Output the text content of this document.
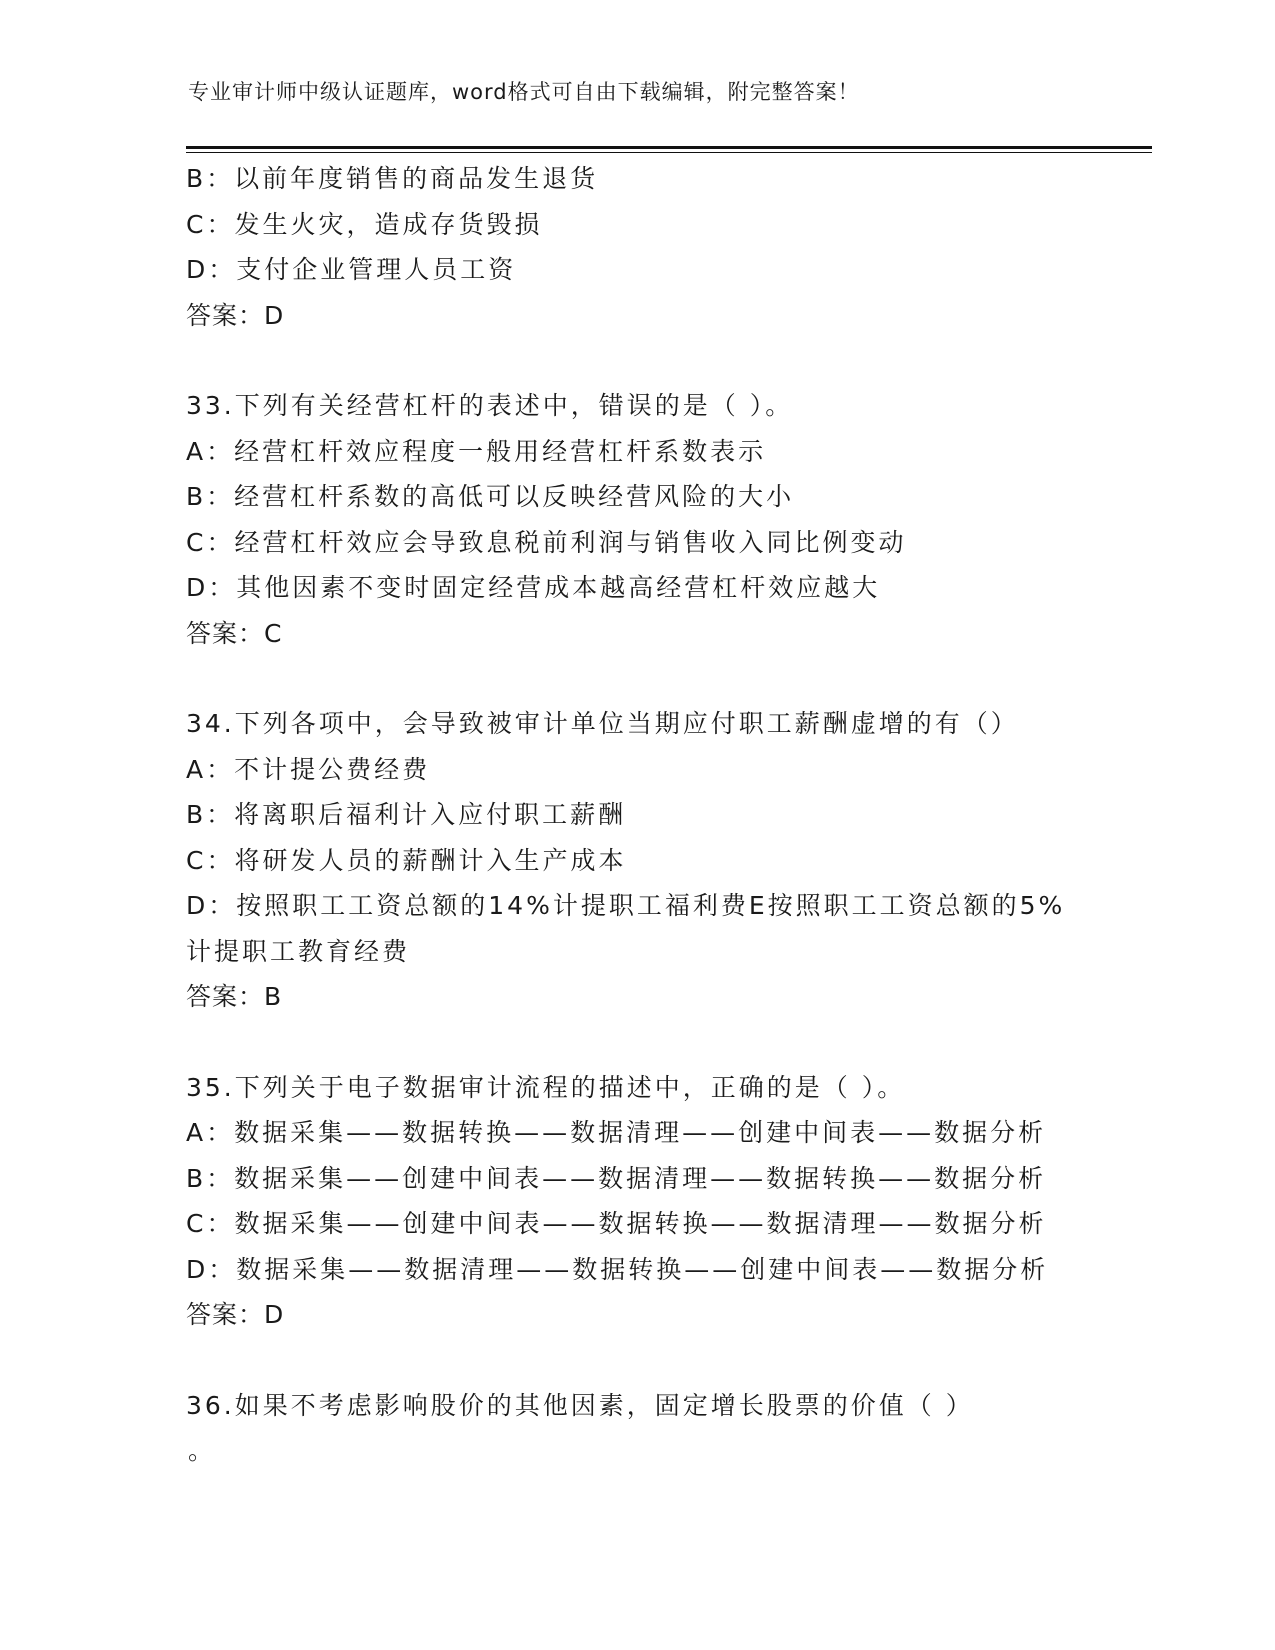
专业审计师中级认证题库，word格式可自由下载编辑，附完整答案！
B：以前年度销售的商品发生退货
C：发生火灾，造成存货毁损
D：支付企业管理人员工资
答案：D
33.下列有关经营杠杆的表述中，错误的是（ ）。
A：经营杠杆效应程度一般用经营杠杆系数表示
B：经营杠杆系数的高低可以反映经营风险的大小
C：经营杠杆效应会导致息税前利润与销售收入同比例变动
D：其他因素不变时固定经营成本越高经营杠杆效应越大
答案：C
34.下列各项中，会导致被审计单位当期应付职工薪酬虚增的有（）
A：不计提公费经费
B：将离职后福利计入应付职工薪酬
C：将研发人员的薪酬计入生产成本
D：按照职工工资总额的14%计提职工福利费E按照职工工资总额的5%计提职工教育经费
答案：B
35.下列关于电子数据审计流程的描述中，正确的是（ ）。
A：数据采集——数据转换——数据清理——创建中间表——数据分析
B：数据采集——创建中间表——数据清理——数据转换——数据分析
C：数据采集——创建中间表——数据转换——数据清理——数据分析
D：数据采集——数据清理——数据转换——创建中间表——数据分析
答案：D
36.如果不考虑影响股价的其他因素，固定增长股票的价值（ ）
。
